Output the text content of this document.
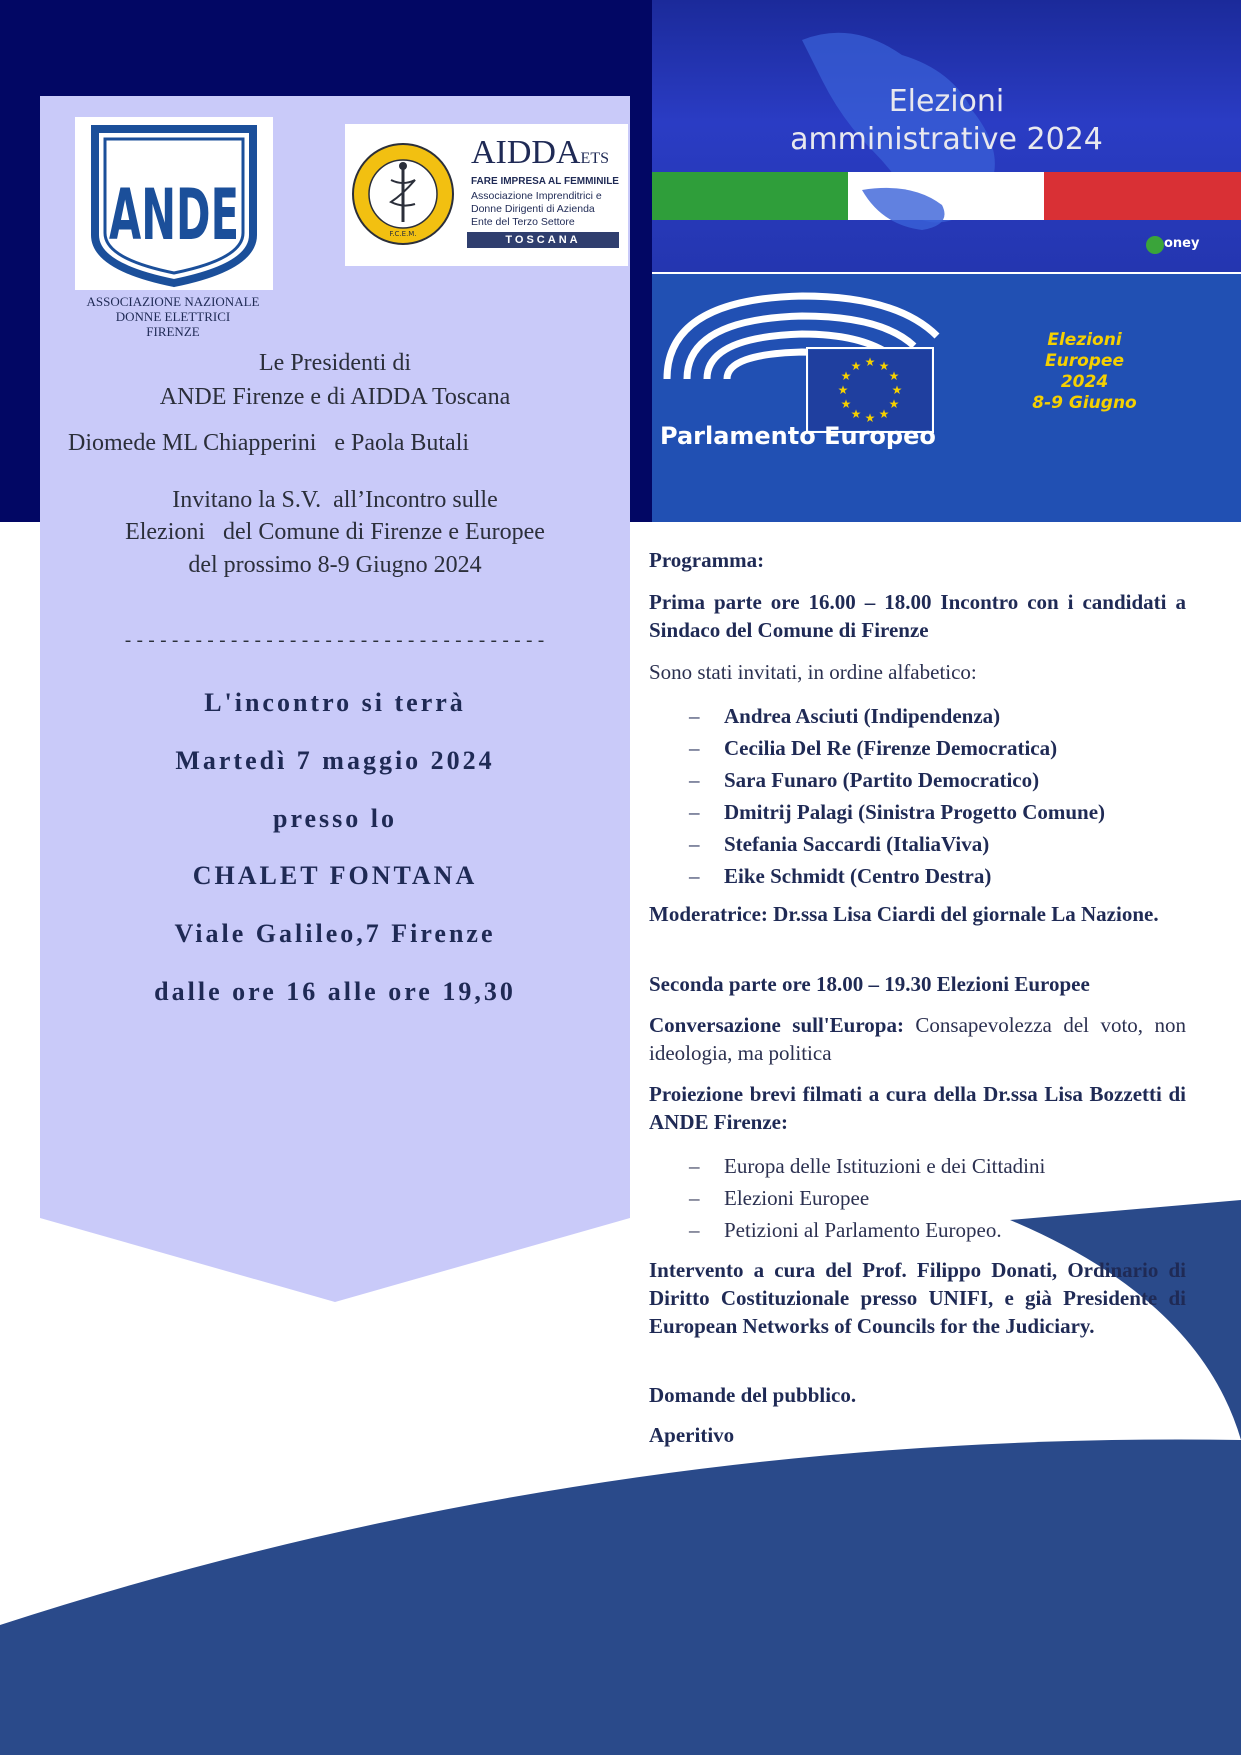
ANDE
ASSOCIAZIONE NAZIONALE
DONNE ELETTRICI
FIRENZE
F.C.E.M.
AIDDAETS
FARE IMPRESA AL FEMMINILE
Associazione Imprenditrici e
Donne Dirigenti di Azienda
Ente del Terzo Settore
TOSCANA
Elezioni
amministrative 2024
oney
★ ★
★
★
★
★
★
★
★
★
★
★
Parlamento Europeo
Elezioni
Europee
2024
8-9 Giugno
Le Presidenti di
ANDE Firenze e di AIDDA Toscana
Diomede ML Chiapperini   e Paola Butali
Invitano la S.V.  all’Incontro sulle
Elezioni   del Comune di Firenze e Europee
del prossimo 8-9 Giugno 2024
------------------------------------
L'incontro si terrà
Martedì 7 maggio 2024
presso lo
CHALET FONTANA
Viale Galileo,7 Firenze
dalle ore 16 alle ore 19,30
Programma:
Prima parte ore 16.00 – 18.00 Incontro con i candidati a Sindaco del Comune di Firenze
Sono stati invitati, in ordine alfabetico:
– Andrea Asciuti (Indipendenza)
– Cecilia Del Re (Firenze Democratica)
– Sara Funaro (Partito Democratico)
– Dmitrij Palagi (Sinistra Progetto Comune)
– Stefania Saccardi (ItaliaViva)
– Eike Schmidt (Centro Destra)
Moderatrice: Dr.ssa Lisa Ciardi del giornale La Nazione.
Seconda parte ore 18.00 – 19.30 Elezioni Europee
Conversazione sull'Europa: Consapevolezza del voto, non ideologia, ma politica
Proiezione brevi filmati a cura della Dr.ssa Lisa Bozzetti di ANDE Firenze:
– Europa delle Istituzioni e dei Cittadini
– Elezioni Europee
– Petizioni al Parlamento Europeo.
Intervento a cura del Prof. Filippo Donati, Ordinario di Diritto Costituzionale presso UNIFI, e già Presidente di European Networks of Councils for the Judiciary.
Domande del pubblico.
Aperitivo
